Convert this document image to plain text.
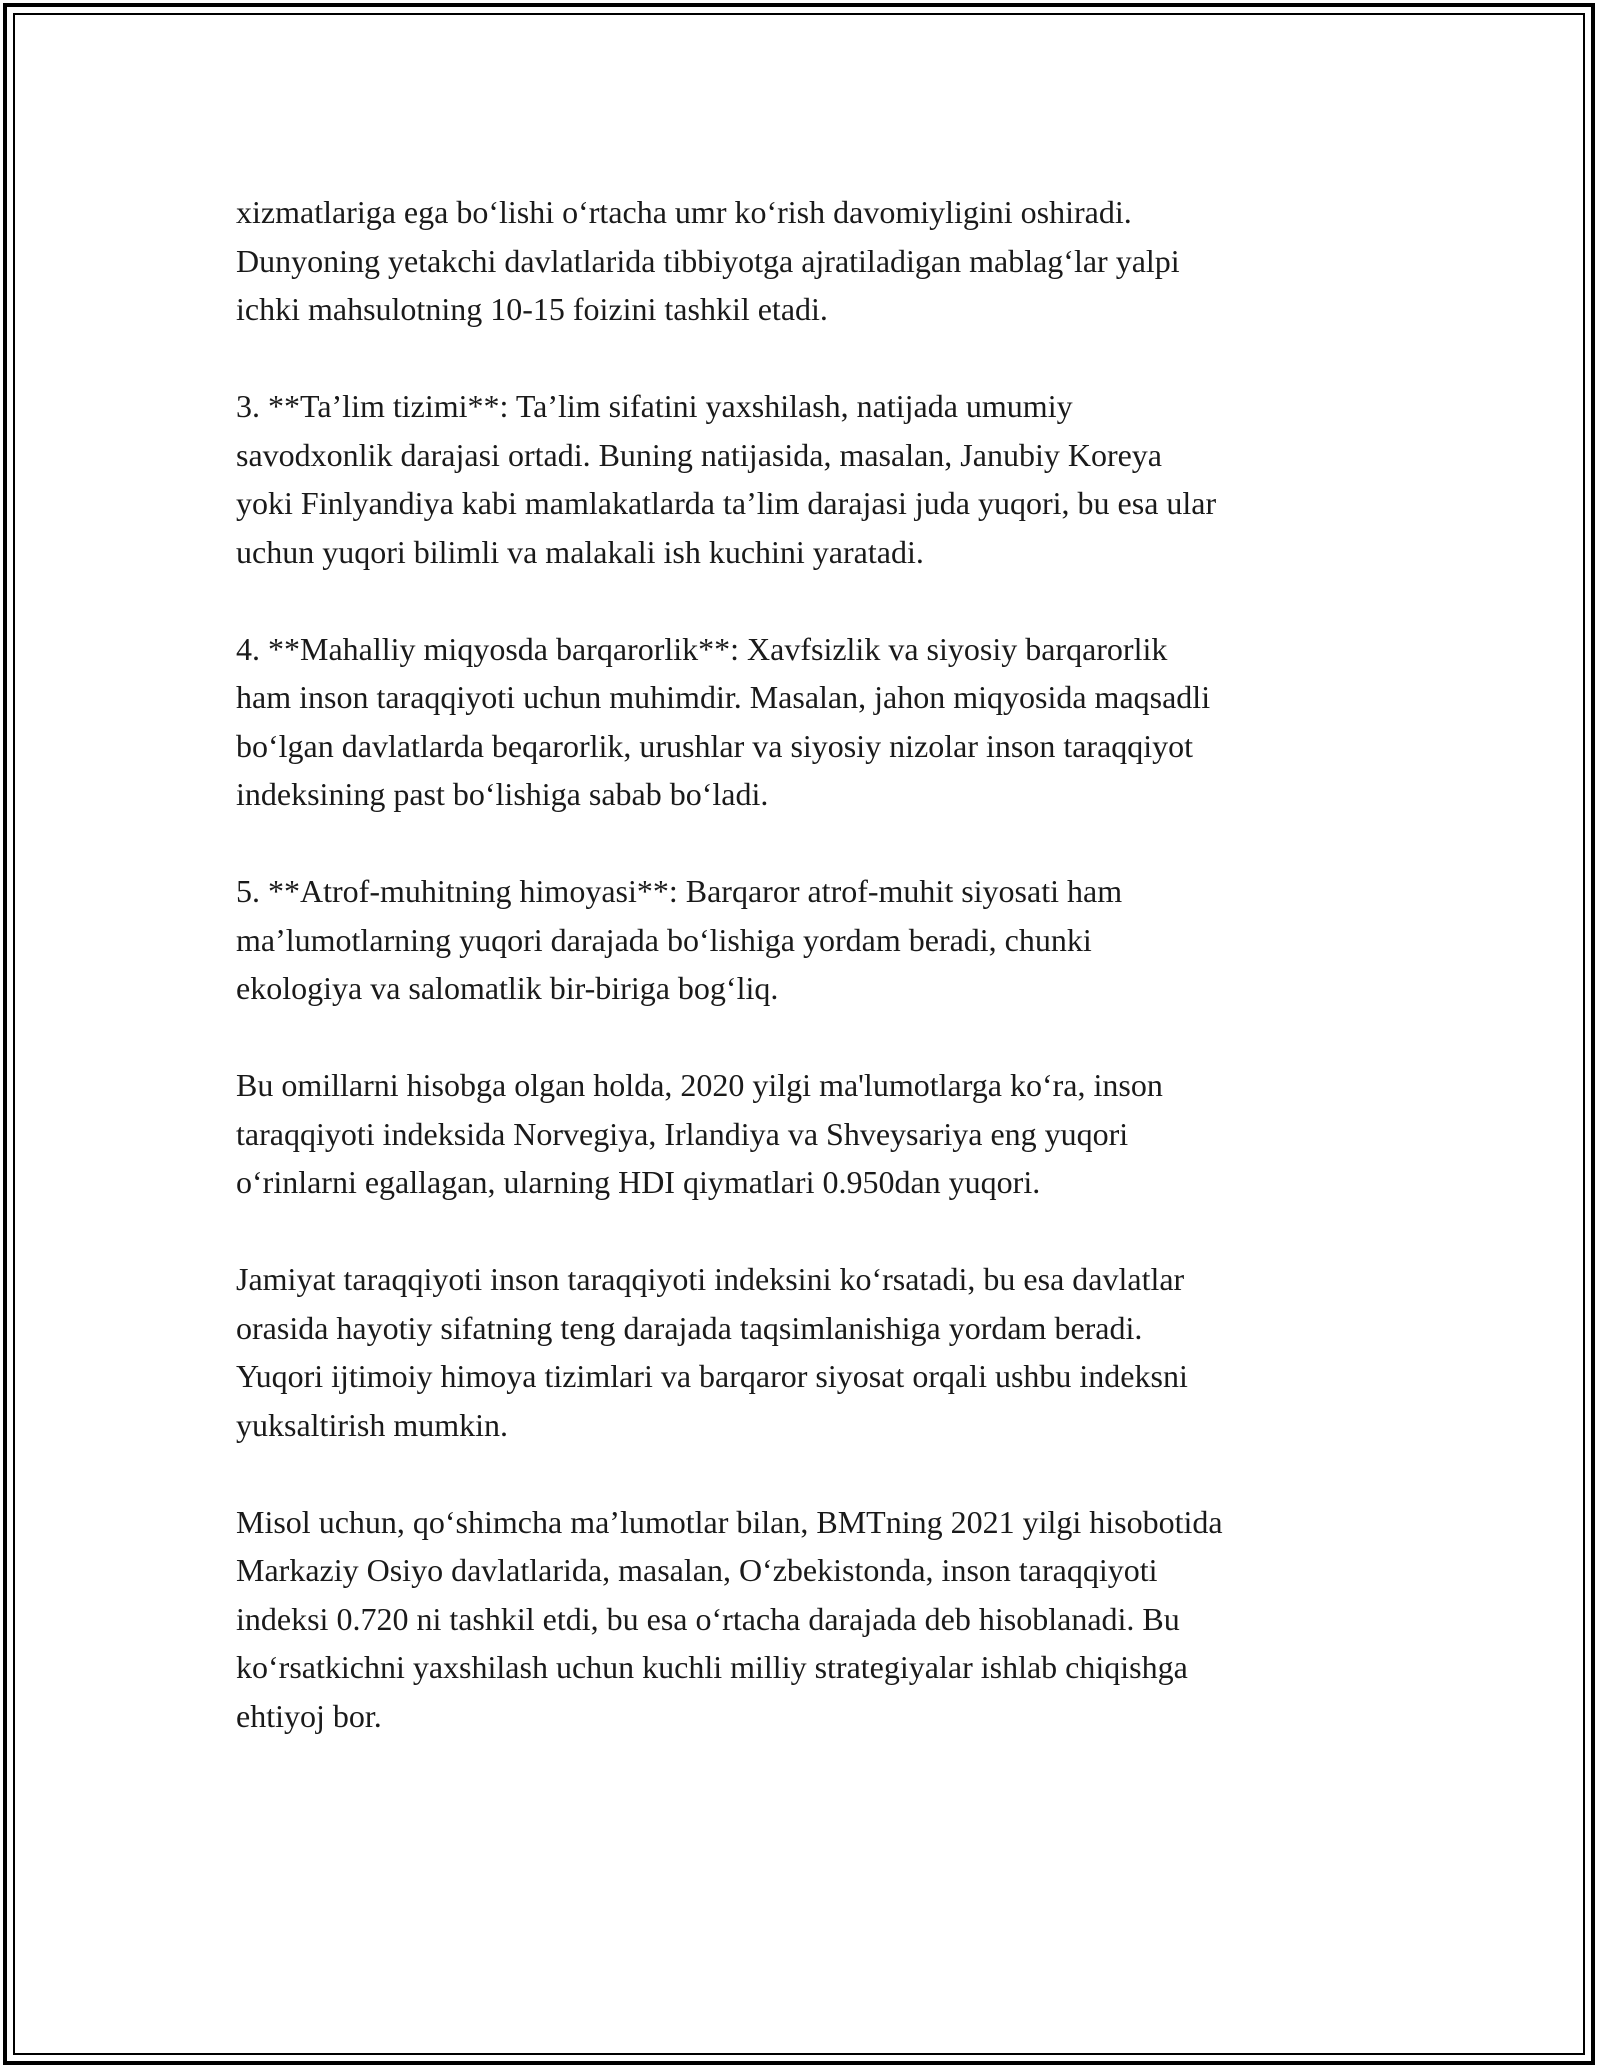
xizmatlariga ega bo‘lishi o‘rtacha umr ko‘rish davomiyligini oshiradi.
Dunyoning yetakchi davlatlarida tibbiyotga ajratiladigan mablag‘lar yalpi
ichki mahsulotning 10-15 foizini tashkil etadi.

3. **Ta’lim tizimi**: Ta’lim sifatini yaxshilash, natijada umumiy
savodxonlik darajasi ortadi. Buning natijasida, masalan, Janubiy Koreya
yoki Finlyandiya kabi mamlakatlarda ta’lim darajasi juda yuqori, bu esa ular
uchun yuqori bilimli va malakali ish kuchini yaratadi.

4. **Mahalliy miqyosda barqarorlik**: Xavfsizlik va siyosiy barqarorlik
ham inson taraqqiyoti uchun muhimdir. Masalan, jahon miqyosida maqsadli
bo‘lgan davlatlarda beqarorlik, urushlar va siyosiy nizolar inson taraqqiyot
indeksining past bo‘lishiga sabab bo‘ladi.

5. **Atrof-muhitning himoyasi**: Barqaror atrof-muhit siyosati ham
ma’lumotlarning yuqori darajada bo‘lishiga yordam beradi, chunki
ekologiya va salomatlik bir-biriga bog‘liq.

Bu omillarni hisobga olgan holda, 2020 yilgi ma'lumotlarga ko‘ra, inson
taraqqiyoti indeksida Norvegiya, Irlandiya va Shveysariya eng yuqori
o‘rinlarni egallagan, ularning HDI qiymatlari 0.950dan yuqori.

Jamiyat taraqqiyoti inson taraqqiyoti indeksini ko‘rsatadi, bu esa davlatlar
orasida hayotiy sifatning teng darajada taqsimlanishiga yordam beradi.
Yuqori ijtimoiy himoya tizimlari va barqaror siyosat orqali ushbu indeksni
yuksaltirish mumkin.

Misol uchun, qo‘shimcha ma’lumotlar bilan, BMTning 2021 yilgi hisobotida
Markaziy Osiyo davlatlarida, masalan, O‘zbekistonda, inson taraqqiyoti
indeksi 0.720 ni tashkil etdi, bu esa o‘rtacha darajada deb hisoblanadi. Bu
ko‘rsatkichni yaxshilash uchun kuchli milliy strategiyalar ishlab chiqishga
ehtiyoj bor.
